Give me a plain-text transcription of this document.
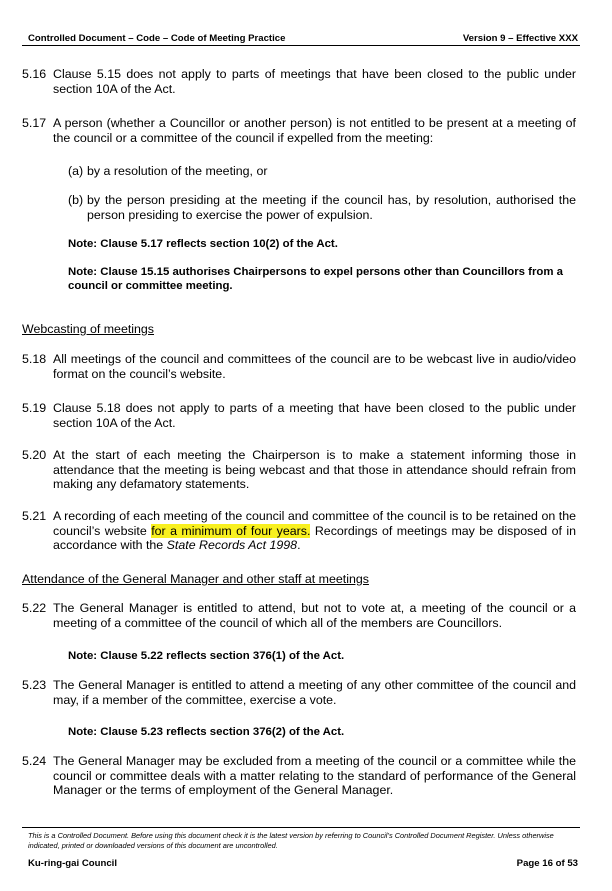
Controlled Document – Code – Code of Meeting Practice	Version 9 – Effective XXX
5.16 Clause 5.15 does not apply to parts of meetings that have been closed to the public under section 10A of the Act.
5.17 A person (whether a Councillor or another person) is not entitled to be present at a meeting of the council or a committee of the council if expelled from the meeting:
(a) by a resolution of the meeting, or
(b) by the person presiding at the meeting if the council has, by resolution, authorised the person presiding to exercise the power of expulsion.
Note: Clause 5.17 reflects section 10(2) of the Act.
Note: Clause 15.15 authorises Chairpersons to expel persons other than Councillors from a council or committee meeting.
Webcasting of meetings
5.18 All meetings of the council and committees of the council are to be webcast live in audio/video format on the council’s website.
5.19 Clause 5.18 does not apply to parts of a meeting that have been closed to the public under section 10A of the Act.
5.20 At the start of each meeting the Chairperson is to make a statement informing those in attendance that the meeting is being webcast and that those in attendance should refrain from making any defamatory statements.
5.21 A recording of each meeting of the council and committee of the council is to be retained on the council’s website for a minimum of four years. Recordings of meetings may be disposed of in accordance with the State Records Act 1998.
Attendance of the General Manager and other staff at meetings
5.22 The General Manager is entitled to attend, but not to vote at, a meeting of the council or a meeting of a committee of the council of which all of the members are Councillors.
Note: Clause 5.22 reflects section 376(1) of the Act.
5.23 The General Manager is entitled to attend a meeting of any other committee of the council and may, if a member of the committee, exercise a vote.
Note: Clause 5.23 reflects section 376(2) of the Act.
5.24 The General Manager may be excluded from a meeting of the council or a committee while the council or committee deals with a matter relating to the standard of performance of the General Manager or the terms of employment of the General Manager.
This is a Controlled Document. Before using this document check it is the latest version by referring to Council’s Controlled Document Register. Unless otherwise indicated, printed or downloaded versions of this document are uncontrolled.
Ku-ring-gai Council	Page 16 of 53
